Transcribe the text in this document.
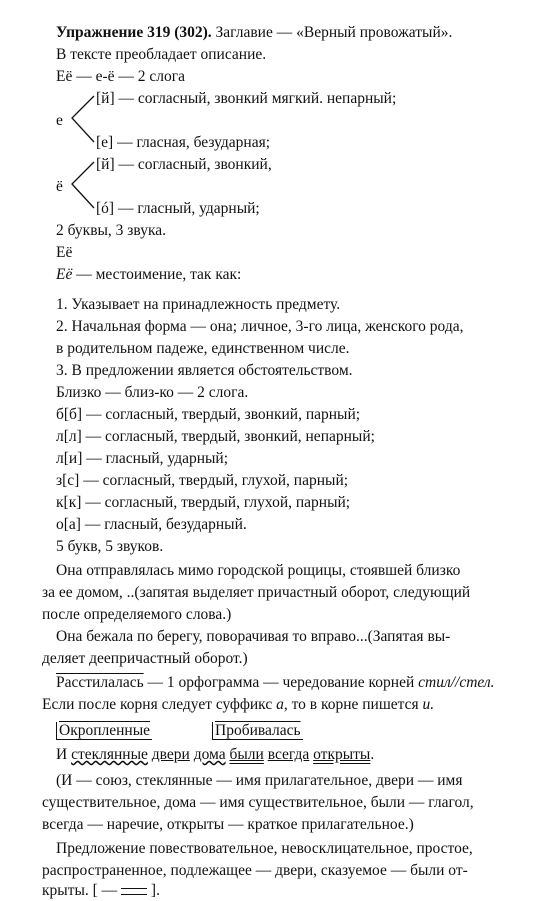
Упражнение 319 (302). Заглавие — «Верный провожатый».
В тексте преобладает описание.
Её — е-ё — 2 слога
е
[й] — согласный, звонкий мягкий. непарный;
[е] — гласная, безударная;
ё
[й] — согласный, звонкий,
[ó] — гласный, ударный;
2 буквы, 3 звука.
Её
Её — местоимение, так как:
1. Указывает на принадлежность предмету.
2. Начальная форма — она; личное, 3-го лица, женского рода,
в родительном падеже, единственном числе.
3. В предложении является обстоятельством.
Близко — близ-ко — 2 слога.
б[б] — согласный, твердый, звонкий, парный;
л[л] — согласный, твердый, звонкий, непарный;
л[и] — гласный, ударный;
з[с] — согласный, твердый, глухой, парный;
к[к] — согласный, твердый, глухой, парный;
о[а] — гласный, безударный.
5 букв, 5 звуков.
Она отправлялась мимо городской рощицы, стоявшей близко
за ее домом, ..(запятая выделяет причастный оборот, следующий
после определяемого слова.)
Она бежала по берегу, поворачивая то вправо...(Запятая вы-
деляет деепричастный оборот.)
Расстилалась — 1 орфограмма — чередование корней стил//стел.
Если после корня следует суффикс а, то в корне пишется и.
Окропленные	Пробивалась
И стеклянные двери дома были всегда открыты.
(И — союз, стеклянные — имя прилагательное, двери — имя
существительное, дома — имя существительное, были — глагол,
всегда — наречие, открыты — краткое прилагательное.)
Предложение повествовательное, невосклицательное, простое,
распространенное, подлежащее — двери, сказуемое — были от-
крыты. [ —  ].
